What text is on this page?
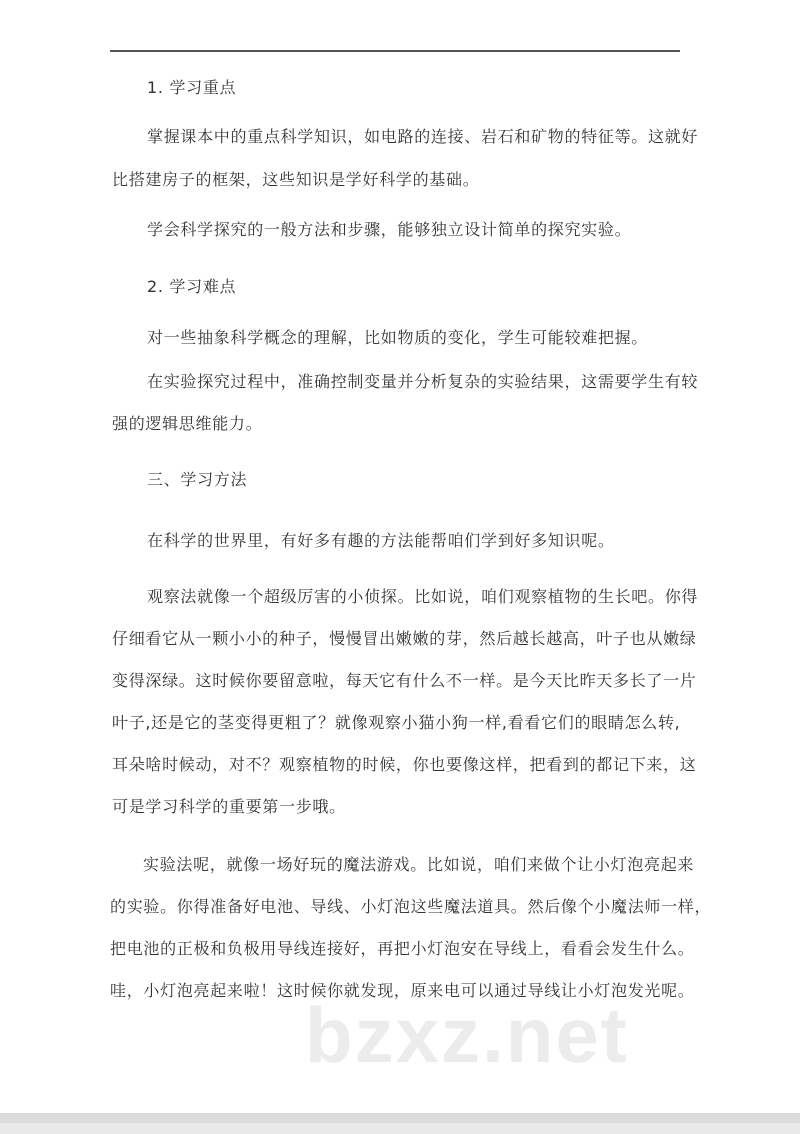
1. 学习重点
掌握课本中的重点科学知识，如电路的连接、岩石和矿物的特征等。这就好
比搭建房子的框架，这些知识是学好科学的基础。
学会科学探究的一般方法和步骤，能够独立设计简单的探究实验。
2. 学习难点
对一些抽象科学概念的理解，比如物质的变化，学生可能较难把握。
在实验探究过程中，准确控制变量并分析复杂的实验结果，这需要学生有较
强的逻辑思维能力。
三、学习方法
在科学的世界里，有好多有趣的方法能帮咱们学到好多知识呢。
观察法就像一个超级厉害的小侦探。比如说，咱们观察植物的生长吧。你得
仔细看它从一颗小小的种子，慢慢冒出嫩嫩的芽，然后越长越高，叶子也从嫩绿
变得深绿。这时候你要留意啦，每天它有什么不一样。是今天比昨天多长了一片
叶子,还是它的茎变得更粗了？就像观察小猫小狗一样,看看它们的眼睛怎么转,
耳朵啥时候动，对不？观察植物的时候，你也要像这样，把看到的都记下来，这
可是学习科学的重要第一步哦。
实验法呢，就像一场好玩的魔法游戏。比如说，咱们来做个让小灯泡亮起来
的实验。你得准备好电池、导线、小灯泡这些魔法道具。然后像个小魔法师一样，
把电池的正极和负极用导线连接好，再把小灯泡安在导线上，看看会发生什么。
哇，小灯泡亮起来啦！这时候你就发现，原来电可以通过导线让小灯泡发光呢。
bzxz.net
